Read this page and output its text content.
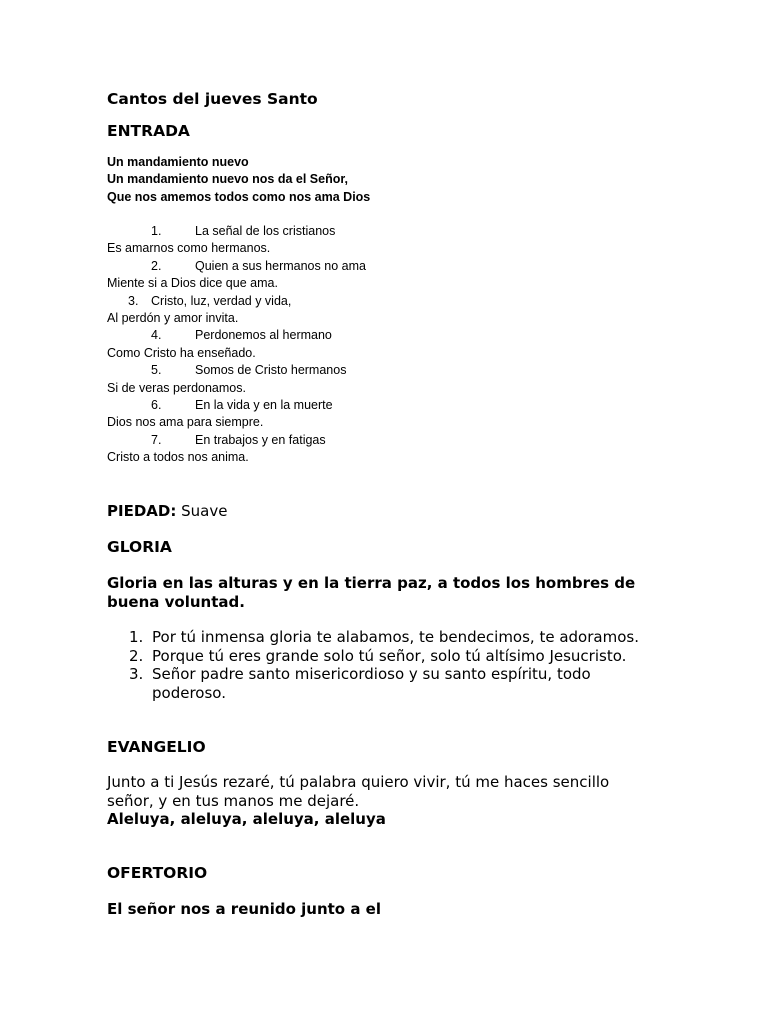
Cantos del jueves Santo
ENTRADA
Un mandamiento nuevo
Un mandamiento nuevo nos da el Señor,
Que nos amemos todos como nos ama Dios
1.	La señal de los cristianos
Es amarnos como hermanos.
2.	Quien a sus hermanos no ama
Miente si a Dios dice que ama.
3. Cristo, luz, verdad y vida,
Al perdón y amor invita.
4.	Perdonemos al hermano
Como Cristo ha enseñado.
5.	Somos de Cristo hermanos
Si de veras perdonamos.
6.	En la vida y en la muerte
Dios nos ama para siempre.
7.	En trabajos y en fatigas
Cristo a todos nos anima.
PIEDAD: Suave
GLORIA
Gloria en las alturas y en la tierra paz, a todos los hombres de buena voluntad.
1. Por tú inmensa gloria te alabamos, te bendecimos, te adoramos.
2. Porque tú eres grande solo tú señor, solo tú altísimo Jesucristo.
3. Señor padre santo misericordioso y su santo espíritu, todo poderoso.
EVANGELIO
Junto a ti Jesús rezaré, tú palabra quiero vivir, tú me haces sencillo señor, y en tus manos me dejaré.
Aleluya, aleluya, aleluya, aleluya
OFERTORIO
El señor nos a reunido junto a el
